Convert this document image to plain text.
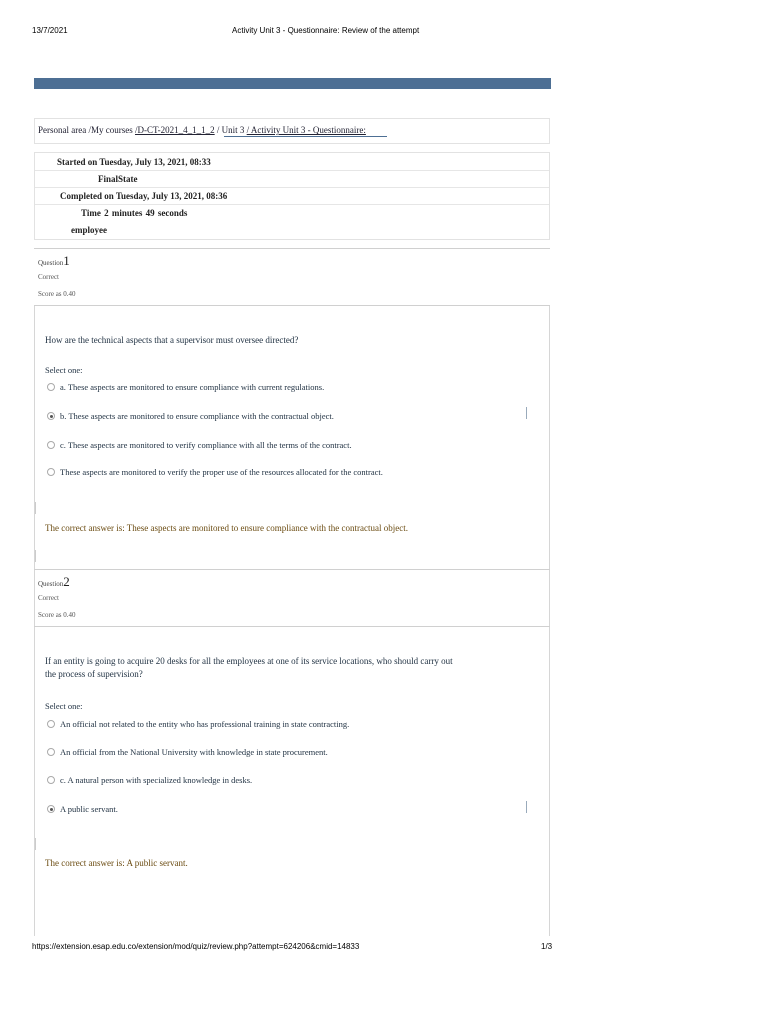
13/7/2021	Activity Unit 3 - Questionnaire: Review of the attempt
Personal area /My courses /D-CT-2021_4_1_1_2 / Unit 3 / Activity Unit 3 - Questionnaire:
Started on Tuesday, July 13, 2021, 08:33
FinalState
Completed on Tuesday, July 13, 2021, 08:36
Time 2 minutes 49 seconds
employee
Question1
Correct
Score as 0.40
How are the technical aspects that a supervisor must oversee directed?
Select one:
a. These aspects are monitored to ensure compliance with current regulations.
b. These aspects are monitored to ensure compliance with the contractual object.
c. These aspects are monitored to verify compliance with all the terms of the contract.
These aspects are monitored to verify the proper use of the resources allocated for the contract.
The correct answer is: These aspects are monitored to ensure compliance with the contractual object.
Question2
Correct
Score as 0.40
If an entity is going to acquire 20 desks for all the employees at one of its service locations, who should carry out the process of supervision?
Select one:
An official not related to the entity who has professional training in state contracting.
An official from the National University with knowledge in state procurement.
c. A natural person with specialized knowledge in desks.
A public servant.
The correct answer is: A public servant.
https://extension.esap.edu.co/extension/mod/quiz/review.php?attempt=624206&cmid=14833	1/3
